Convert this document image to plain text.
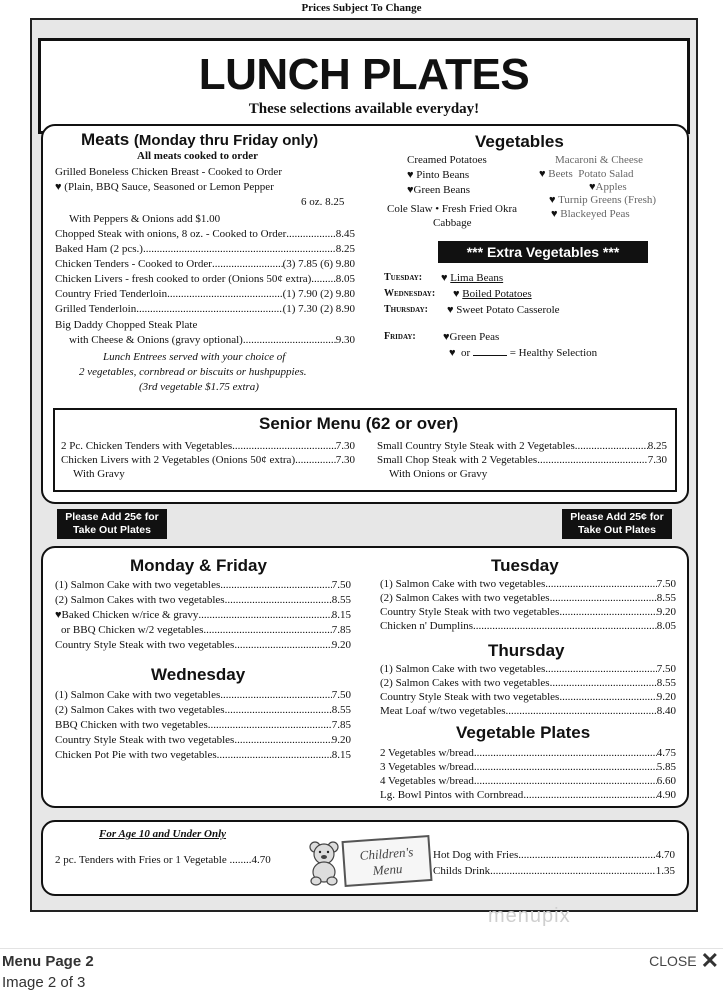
Prices Subject To Change
LUNCH PLATES
These selections available everyday!
Meats (Monday thru Friday only)
All meats cooked to order
Grilled Boneless Chicken Breast - Cooked to Order
♥ (Plain, BBQ Sauce, Seasoned or Lemon Pepper
6 oz. 8.25
With Peppers & Onions add $1.00
Chopped Steak with onions, 8 oz. - Cooked to Order .....	8.45
Baked Ham (2 pcs.) .....	8.25
Chicken Tenders - Cooked to Order .....	(3) 7.85 (6) 9.80
Chicken Livers - fresh cooked to order (Onions 50¢ extra) ..... 8.05
Country Fried Tenderloin .....	(1) 7.90 (2) 9.80
Grilled Tenderloin .....	(1) 7.30 (2) 8.90
Big Daddy Chopped Steak Plate
with Cheese & Onions (gravy optional) .....	9.30
Lunch Entrees served with your choice of
2 vegetables, cornbread or biscuits or hushpuppies.
(3rd vegetable $1.75 extra)
Vegetables
Creamed Potatoes
♥ Pinto Beans
♥Green Beans
Cole Slaw • Fresh Fried Okra
Cabbage
Macaroni & Cheese
♥ Beets Potato Salad
♥Apples
♥ Turnip Greens (Fresh)
♥ Blackeyed Peas
*** Extra Vegetables ***
Tuesday: ♥ Lima Beans
Wednesday: ♥ Boiled Potatoes
Thursday: ♥ Sweet Potato Casserole
Friday: ♥Green Peas
♥ or	= Healthy Selection
Senior Menu (62 or over)
2 Pc. Chicken Tenders with Vegetables .....	7.30
Chicken Livers with 2 Vegetables (Onions 50¢ extra)... .....	7.30
With Gravy
Small Country Style Steak with 2 Vegetables .....	8.25
Small Chop Steak with 2 Vegetables .....	7.30
With Onions or Gravy
Please Add 25¢ for
Take Out Plates
Please Add 25¢ for
Take Out Plates
Monday & Friday
(1) Salmon Cake with two vegetables .....	7.50
(2) Salmon Cakes with two vegetables .....	8.55
♥Baked Chicken w/rice & gravy .....	8.15
or BBQ Chicken w/2 vegetables .....	7.85
Country Style Steak with two vegetables .....	9.20
Wednesday
(1) Salmon Cake with two vegetables .....	7.50
(2) Salmon Cakes with two vegetables .....	8.55
BBQ Chicken with two vegetables .....	7.85
Country Style Steak with two vegetables .....	9.20
Chicken Pot Pie with two vegetables .....	8.15
Tuesday
(1) Salmon Cake with two vegetables .....	7.50
(2) Salmon Cakes with two vegetables .....	8.55
Country Style Steak with two vegetables .....	9.20
Chicken n' Dumplins .....	8.05
Thursday
(1) Salmon Cake with two vegetables .....	7.50
(2) Salmon Cakes with two vegetables .....	8.55
Country Style Steak with two vegetables .....	9.20
Meat Loaf w/two vegetables .....	8.40
Vegetable Plates
2 Vegetables w/bread .....	4.75
3 Vegetables w/bread .....	5.85
4 Vegetables w/bread .....	6.60
Lg. Bowl Pintos with Cornbread .....	4.90
For Age 10 and Under Only
2 pc. Tenders with Fries or 1 Vegetable ........4.70	Children's
Menu
Hot Dog with Fries .....	4.70
Childs Drink .....	1.35
menupix
Menu Page 2
Image 2 of 3
CLOSE ✕
